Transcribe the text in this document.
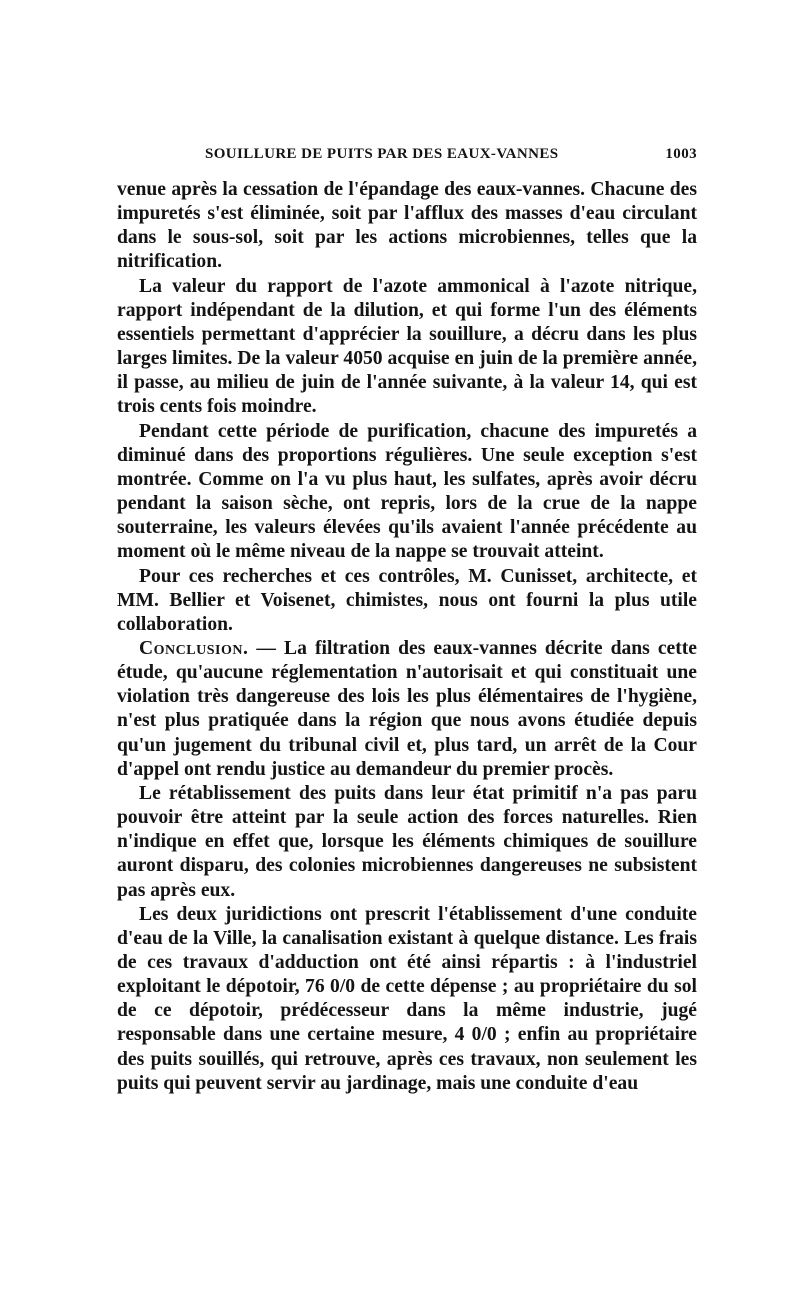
SOUILLURE DE PUITS PAR DES EAUX-VANNES	1003

venue après la cessation de l'épandage des eaux-vannes. Chacune des impuretés s'est éliminée, soit par l'afflux des masses d'eau circulant dans le sous-sol, soit par les actions microbiennes, telles que la nitrification.

La valeur du rapport de l'azote ammonical à l'azote nitrique, rapport indépendant de la dilution, et qui forme l'un des éléments essentiels permettant d'apprécier la souillure, a décru dans les plus larges limites. De la valeur 4050 acquise en juin de la première année, il passe, au milieu de juin de l'année suivante, à la valeur 14, qui est trois cents fois moindre.

Pendant cette période de purification, chacune des impuretés a diminué dans des proportions régulières. Une seule exception s'est montrée. Comme on l'a vu plus haut, les sulfates, après avoir décru pendant la saison sèche, ont repris, lors de la crue de la nappe souterraine, les valeurs élevées qu'ils avaient l'année précédente au moment où le même niveau de la nappe se trouvait atteint.

Pour ces recherches et ces contrôles, M. Cunisset, architecte, et MM. Bellier et Voisenet, chimistes, nous ont fourni la plus utile collaboration.

Conclusion. — La filtration des eaux-vannes décrite dans cette étude, qu'aucune réglementation n'autorisait et qui constituait une violation très dangereuse des lois les plus élémentaires de l'hygiène, n'est plus pratiquée dans la région que nous avons étudiée depuis qu'un jugement du tribunal civil et, plus tard, un arrêt de la Cour d'appel ont rendu justice au demandeur du premier procès.

Le rétablissement des puits dans leur état primitif n'a pas paru pouvoir être atteint par la seule action des forces naturelles. Rien n'indique en effet que, lorsque les éléments chimiques de souillure auront disparu, des colonies microbiennes dangereuses ne subsistent pas après eux.

Les deux juridictions ont prescrit l'établissement d'une conduite d'eau de la Ville, la canalisation existant à quelque distance. Les frais de ces travaux d'adduction ont été ainsi répartis : à l'industriel exploitant le dépotoir, 76 0/0 de cette dépense ; au propriétaire du sol de ce dépotoir, prédécesseur dans la même industrie, jugé responsable dans une certaine mesure, 4 0/0 ; enfin au propriétaire des puits souillés, qui retrouve, après ces travaux, non seulement les puits qui peuvent servir au jardinage, mais une conduite d'eau
